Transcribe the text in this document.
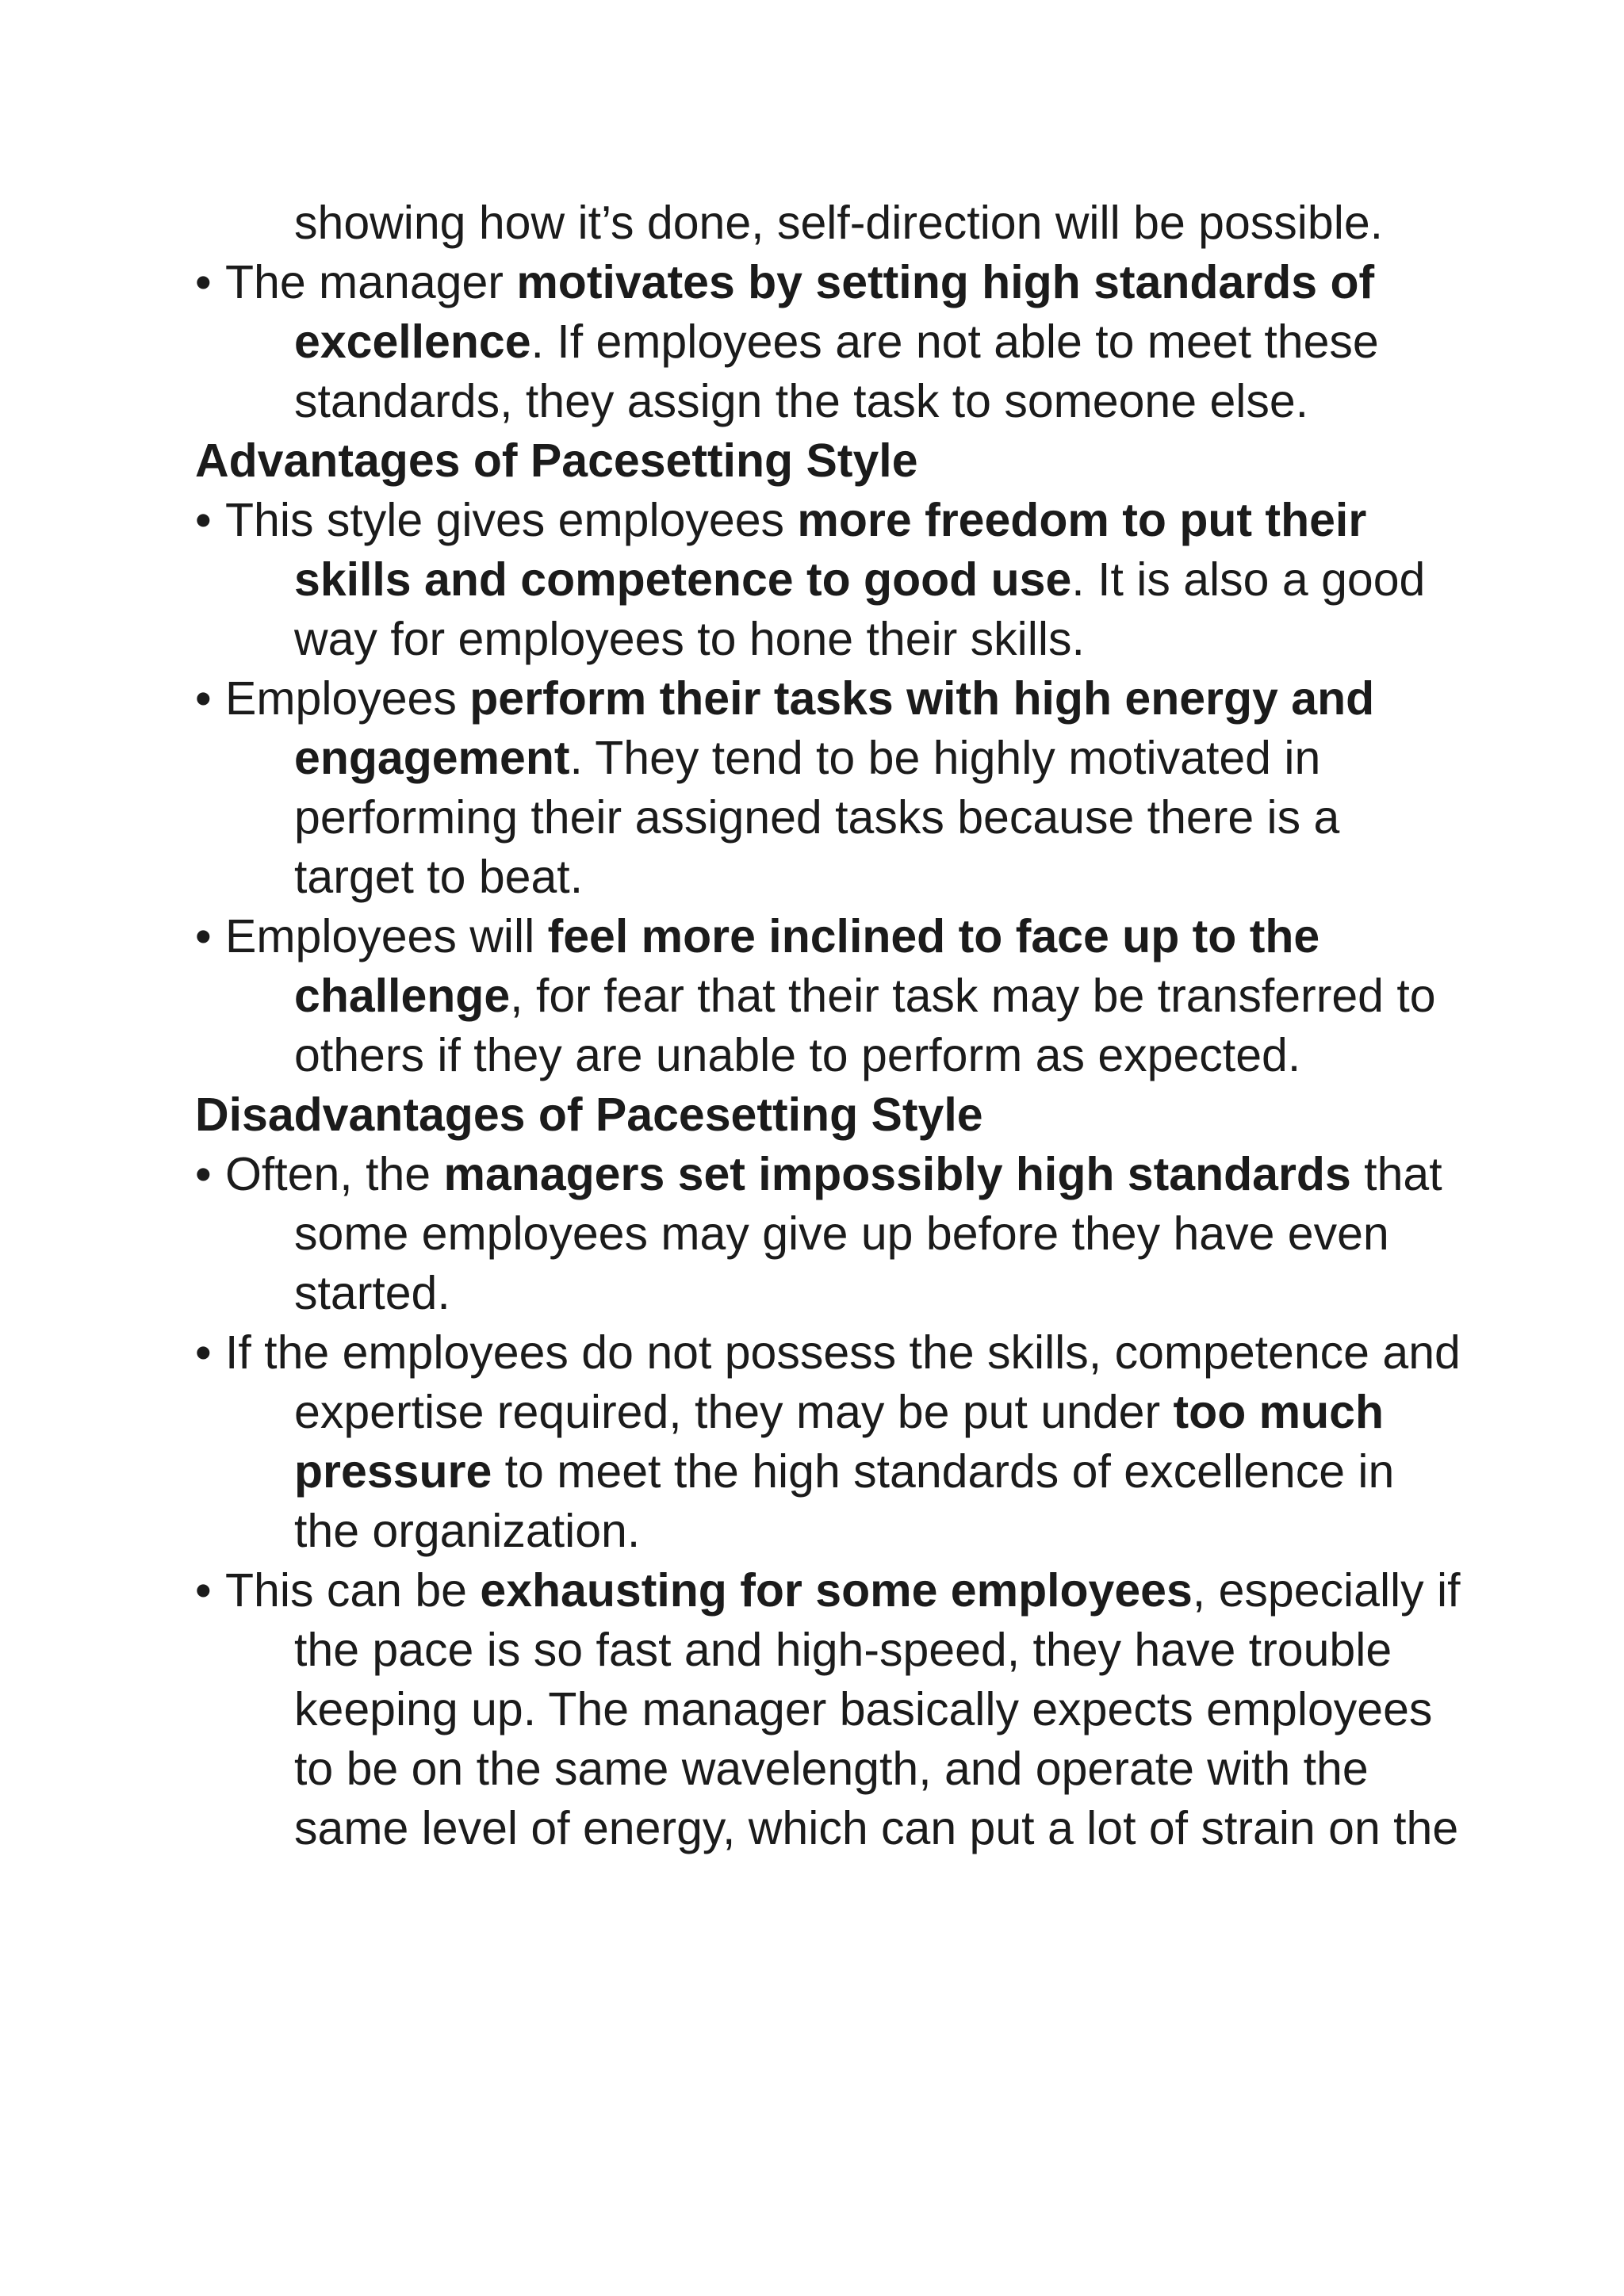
showing how it’s done, self-direction will be possible.
• The manager motivates by setting high standards of excellence. If employees are not able to meet these standards, they assign the task to someone else.
Advantages of Pacesetting Style
• This style gives employees more freedom to put their skills and competence to good use. It is also a good way for employees to hone their skills.
• Employees perform their tasks with high energy and engagement. They tend to be highly motivated in performing their assigned tasks because there is a target to beat.
• Employees will feel more inclined to face up to the challenge, for fear that their task may be transferred to others if they are unable to perform as expected.
Disadvantages of Pacesetting Style
• Often, the managers set impossibly high standards that some employees may give up before they have even started.
• If the employees do not possess the skills, competence and expertise required, they may be put under too much pressure to meet the high standards of excellence in the organization.
• This can be exhausting for some employees, especially if the pace is so fast and high-speed, they have trouble keeping up. The manager basically expects employees to be on the same wavelength, and operate with the same level of energy, which can put a lot of strain on the
